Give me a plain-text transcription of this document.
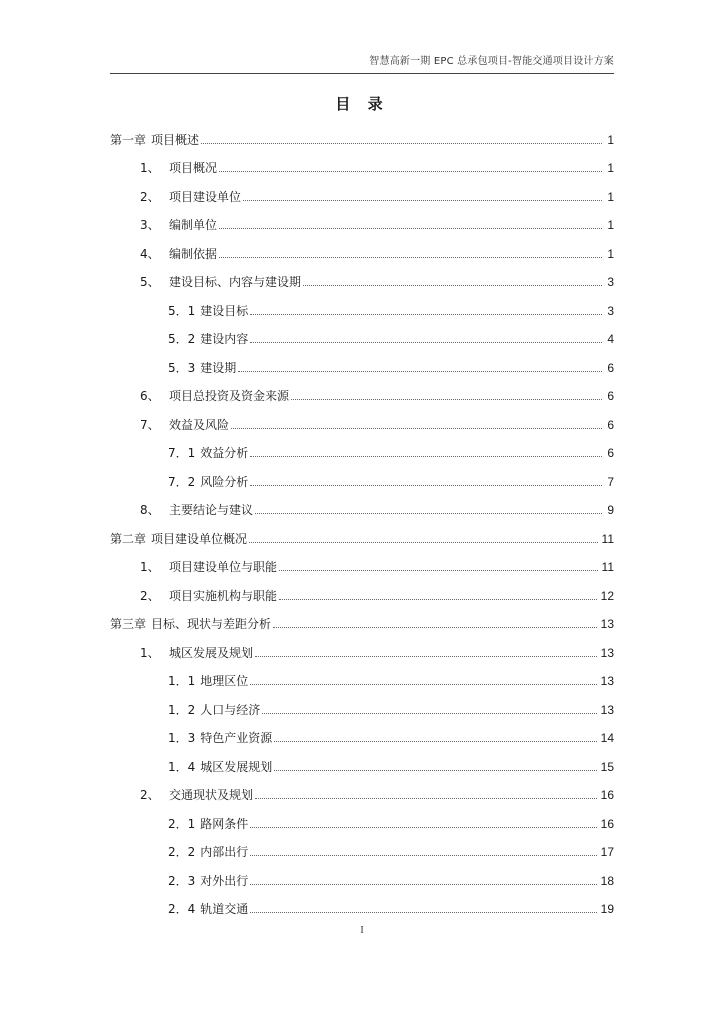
智慧高新一期 EPC 总承包项目-智能交通项目设计方案
目 录
第一章 项目概述	1
1、 项目概况	1
2、 项目建设单位	1
3、 编制单位	1
4、 编制依据	1
5、 建设目标、内容与建设期	3
5．1 建设目标	3
5．2 建设内容	4
5．3 建设期	6
6、 项目总投资及资金来源	6
7、 效益及风险	6
7．1 效益分析	6
7．2 风险分析	7
8、 主要结论与建议	9
第二章 项目建设单位概况	11
1、 项目建设单位与职能	11
2、 项目实施机构与职能	12
第三章 目标、现状与差距分析	13
1、 城区发展及规划	13
1．1 地理区位	13
1．2 人口与经济	13
1．3 特色产业资源	14
1．4 城区发展规划	15
2、 交通现状及规划	16
2．1 路网条件	16
2．2 内部出行	17
2．3 对外出行	18
2．4 轨道交通	19
I
